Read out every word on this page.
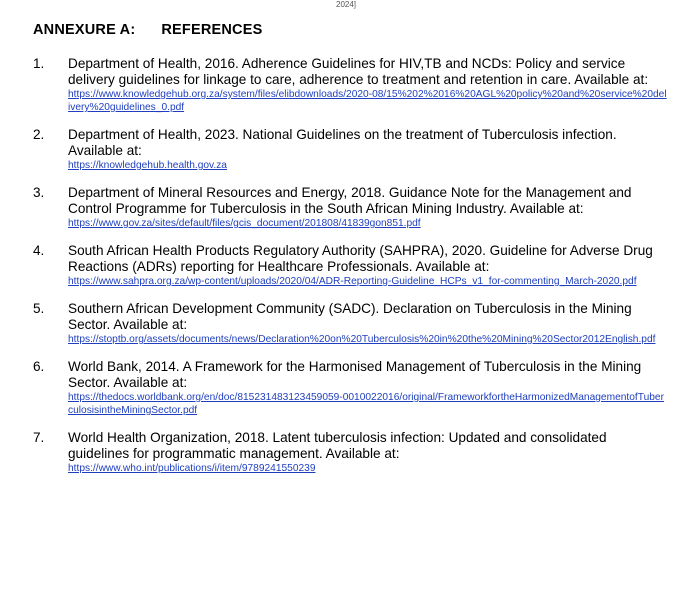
2024]
ANNEXURE A: REFERENCES
1.	Department of Health, 2016. Adherence Guidelines for HIV,TB and NCDs: Policy and service delivery guidelines for linkage to care, adherence to treatment and retention in care. Available at:
https://www.knowledgehub.org.za/system/files/elibdownloads/2020-08/15%202%2016%20AGL%20policy%20and%20service%20delivery%20guidelines_0.pdf
2.	Department of Health, 2023. National Guidelines on the treatment of Tuberculosis infection. Available at:
https://knowledgehub.health.gov.za
3.	Department of Mineral Resources and Energy, 2018. Guidance Note for the Management and Control Programme for Tuberculosis in the South African Mining Industry. Available at:
https://www.gov.za/sites/default/files/gcis_document/201808/41839gon851.pdf
4.	South African Health Products Regulatory Authority (SAHPRA), 2020. Guideline for Adverse Drug Reactions (ADRs) reporting for Healthcare Professionals. Available at:
https://www.sahpra.org.za/wp-content/uploads/2020/04/ADR-Reporting-Guideline_HCPs_v1_for-commenting_March-2020.pdf
5.	Southern African Development Community (SADC). Declaration on Tuberculosis in the Mining Sector. Available at:
https://stoptb.org/assets/documents/news/Declaration%20on%20Tuberculosis%20in%20the%20Mining%20Sector2012English.pdf
6.	World Bank, 2014. A Framework for the Harmonised Management of Tuberculosis in the Mining Sector. Available at:
https://thedocs.worldbank.org/en/doc/815231483123459059-0010022016/original/FrameworkfortheHarmonizedManagementofTuberculosisintheMiningSector.pdf
7.	World Health Organization, 2018. Latent tuberculosis infection: Updated and consolidated guidelines for programmatic management. Available at:
https://www.who.int/publications/i/item/9789241550239
